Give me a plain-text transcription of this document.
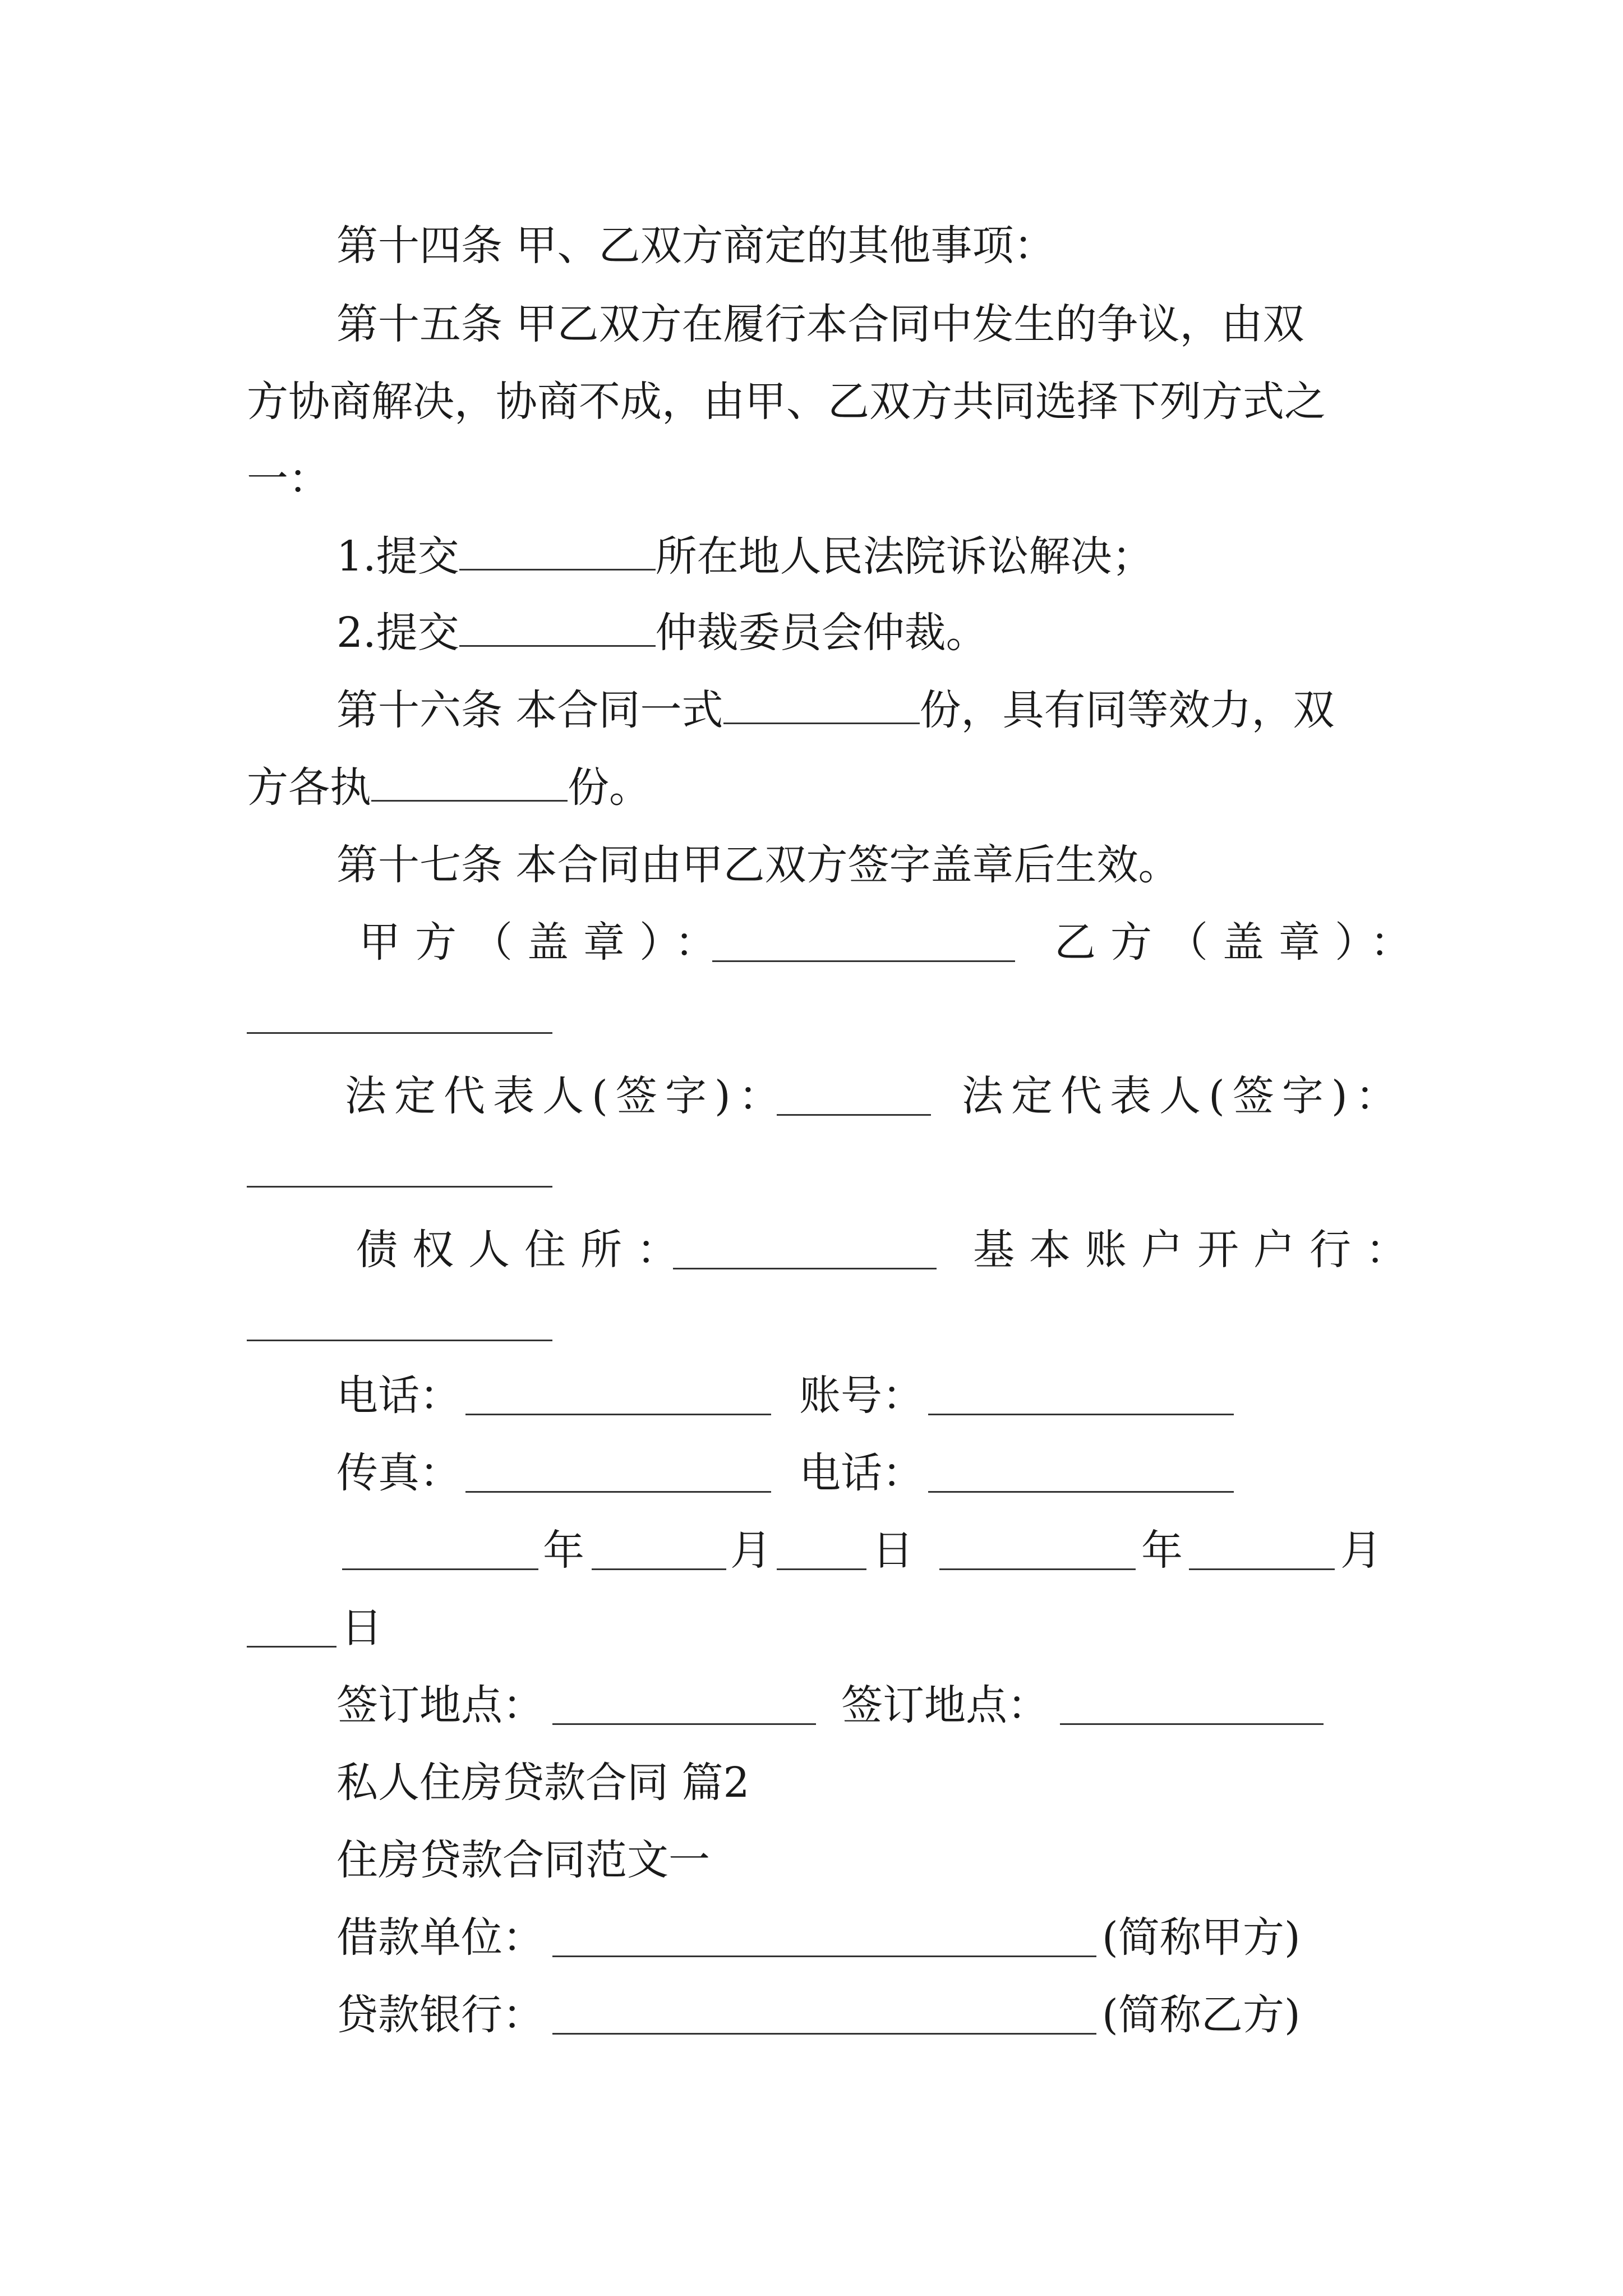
第十四条 甲、乙双方商定的其他事项：
第十五条 甲乙双方在履行本合同中发生的争议，由双
方协商解决，协商不成，由甲、乙双方共同选择下列方式之
一：
1.提交	所在地人民法院诉讼解决；
2.提交	仲裁委员会仲裁。
第十六条 本合同一式	份，具有同等效力，双
方各执	份。
第十七条 本合同由甲乙双方签字盖章后生效。
甲方（盖章）：	乙方（盖章）：
法定代表人(签字)：	法定代表人(签字)：
债权人住所：	基本账户开户行：
电话：	账号：
传真：	电话：
年	月 日	年	月
日
签订地点：	签订地点：
私人住房贷款合同 篇2
住房贷款合同范文一
借款单位：	(简称甲方)
贷款银行：	(简称乙方)
